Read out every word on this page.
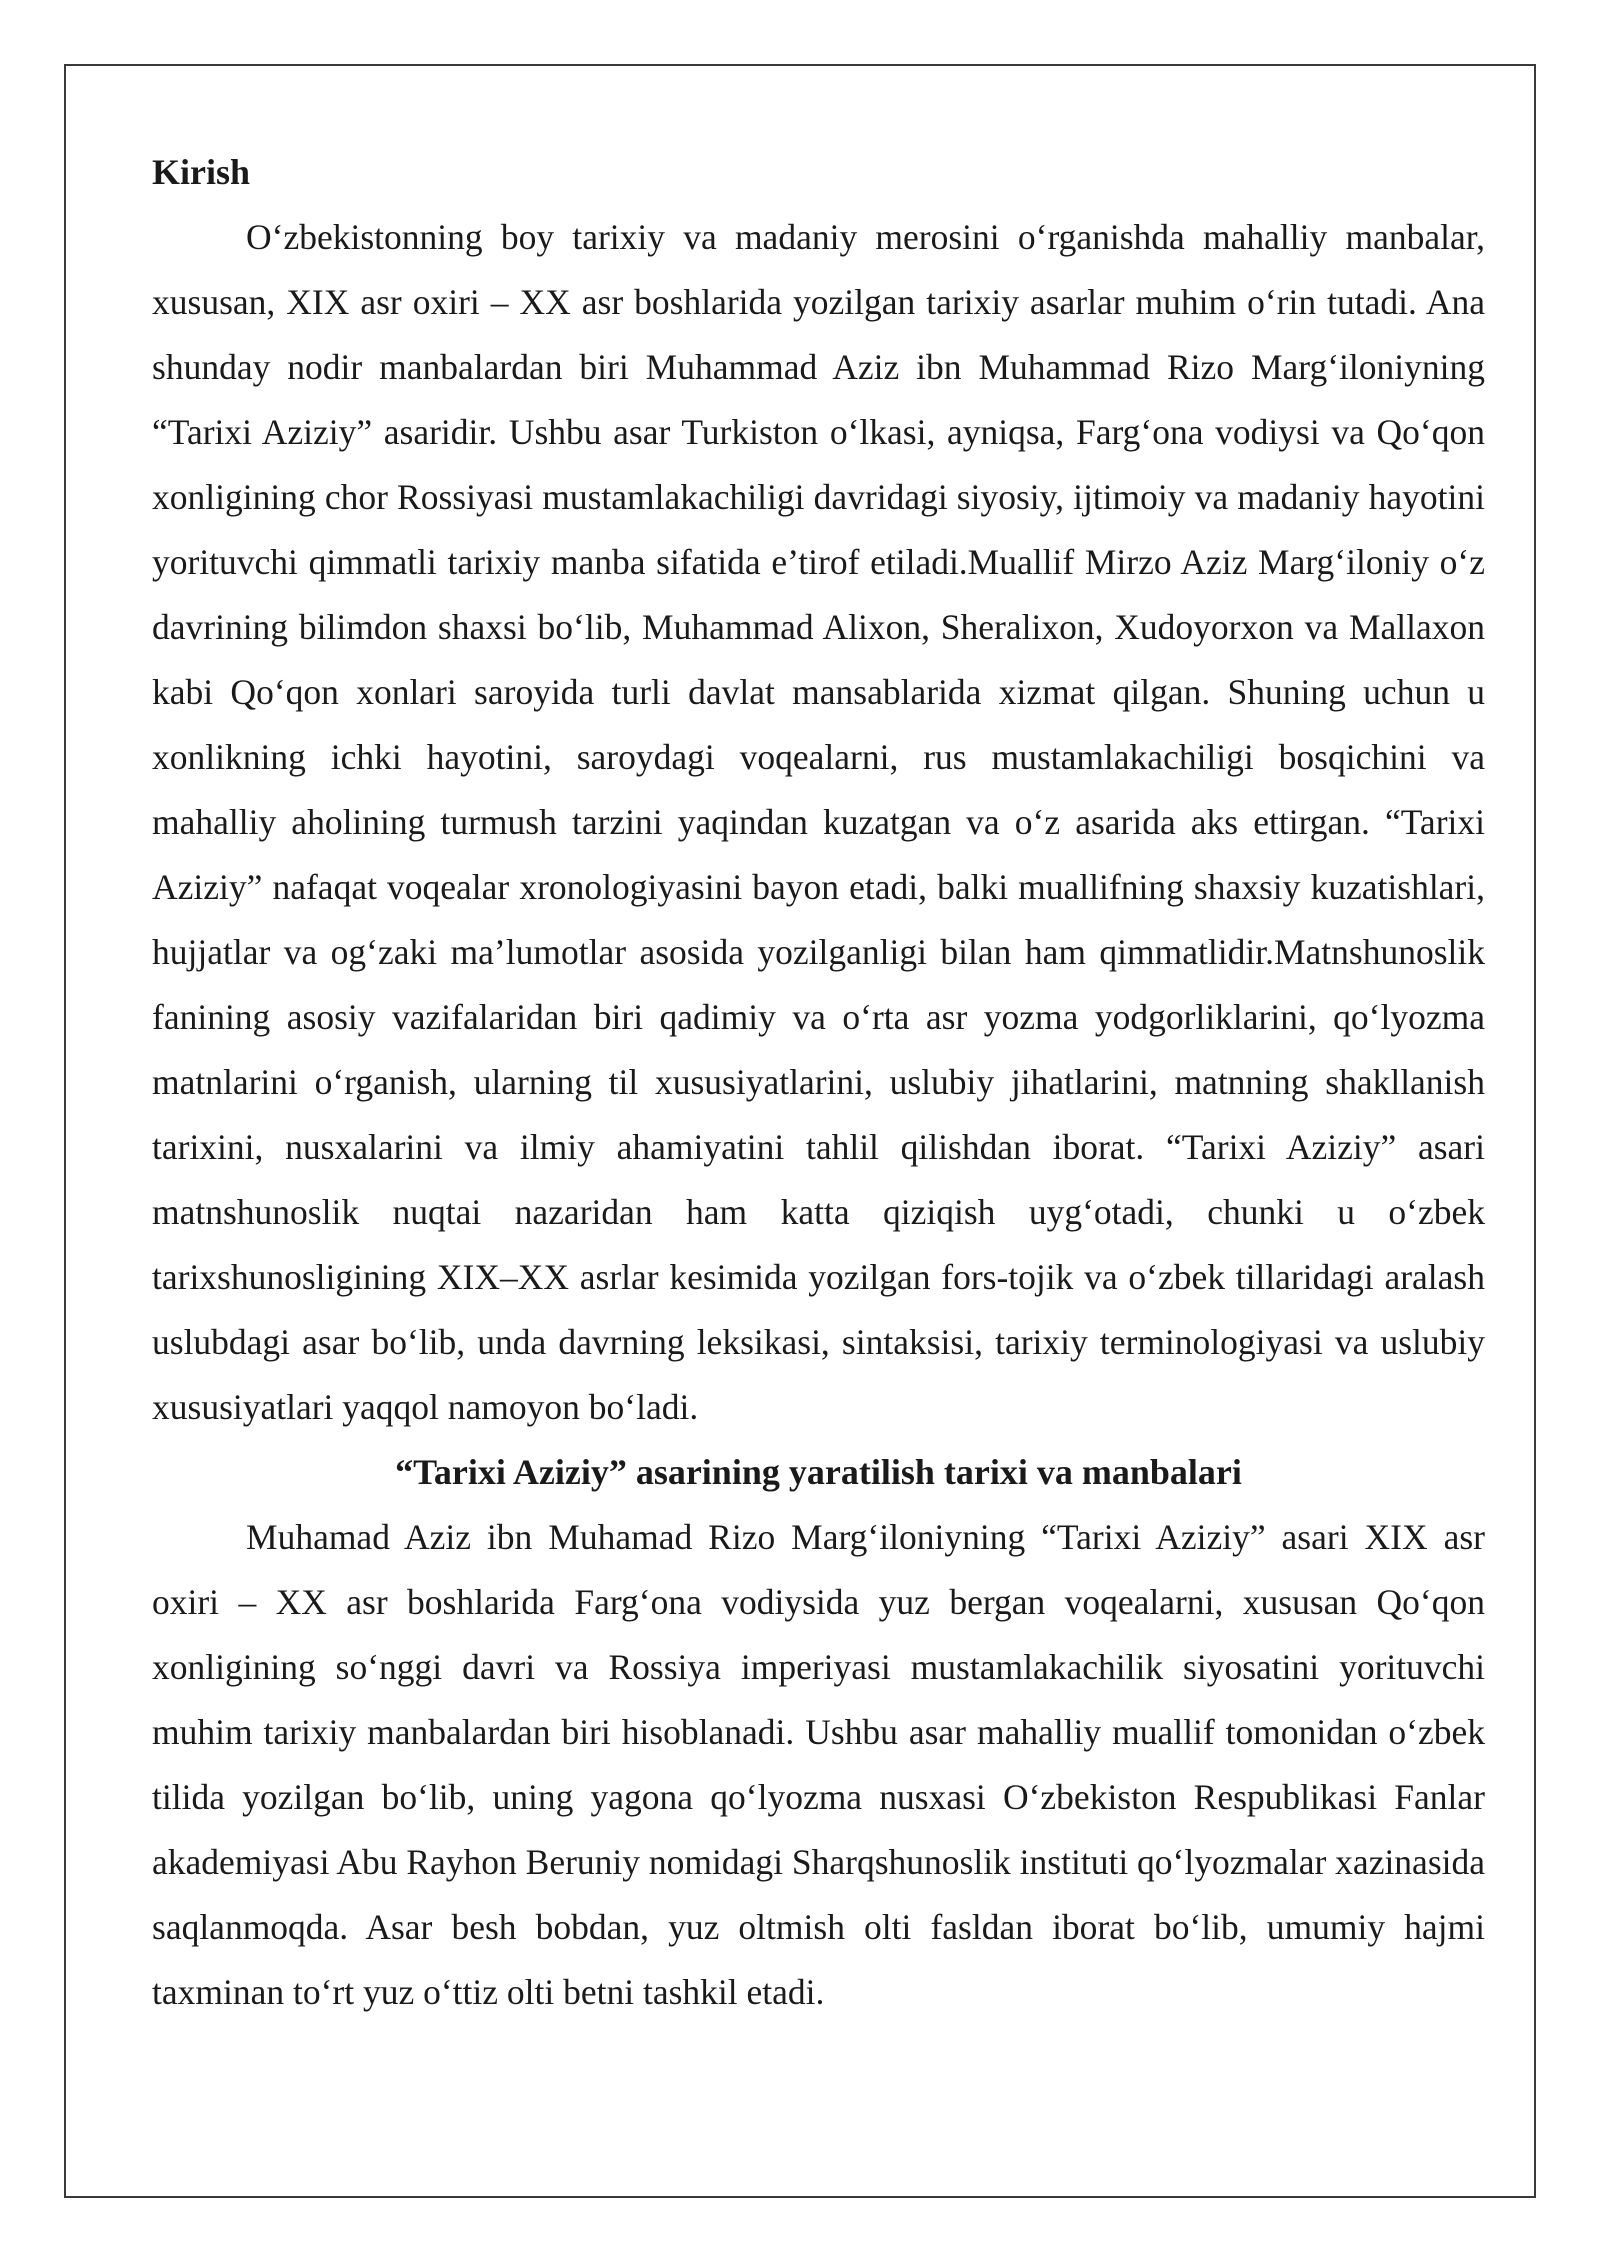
Kirish

O‘zbekistonning boy tarixiy va madaniy merosini o‘rganishda mahalliy manbalar, xususan, XIX asr oxiri – XX asr boshlarida yozilgan tarixiy asarlar muhim o‘rin tutadi. Ana shunday nodir manbalardan biri Muhammad Aziz ibn Muhammad Rizo Marg‘iloniyning “Tarixi Aziziy” asaridir. Ushbu asar Turkiston o‘lkasi, ayniqsa, Farg‘ona vodiysi va Qo‘qon xonligining chor Rossiyasi mustamlakachiligi davridagi siyosiy, ijtimoiy va madaniy hayotini yorituvchi qimmatli tarixiy manba sifatida e’tirof etiladi.Muallif Mirzo Aziz Marg‘iloniy o‘z davrining bilimdon shaxsi bo‘lib, Muhammad Alixon, Sheralixon, Xudoyorxon va Mallaxon kabi Qo‘qon xonlari saroyida turli davlat mansablarida xizmat qilgan. Shuning uchun u xonlikning ichki hayotini, saroydagi voqealarni, rus mustamlakachiligi bosqichini va mahalliy aholining turmush tarzini yaqindan kuzatgan va o‘z asarida aks ettirgan. “Tarixi Aziziy” nafaqat voqealar xronologiyasini bayon etadi, balki muallifning shaxsiy kuzatishlari, hujjatlar va og‘zaki ma’lumotlar asosida yozilganligi bilan ham qimmatlidir.Matnshunoslik fanining asosiy vazifalaridan biri qadimiy va o‘rta asr yozma yodgorliklarini, qo‘lyozma matnlarini o‘rganish, ularning til xususiyatlarini, uslubiy jihatlarini, matnning shakllanish tarixini, nusxalarini va ilmiy ahamiyatini tahlil qilishdan iborat. “Tarixi Aziziy” asari matnshunoslik nuqtai nazaridan ham katta qiziqish uyg‘otadi, chunki u o‘zbek tarixshunosligining XIX–XX asrlar kesimida yozilgan fors-tojik va o‘zbek tillaridagi aralash uslubdagi asar bo‘lib, unda davrning leksikasi, sintaksisi, tarixiy terminologiyasi va uslubiy xususiyatlari yaqqol namoyon bo‘ladi.

“Tarixi Aziziy” asarining yaratilish tarixi va manbalari

Muhamad Aziz ibn Muhamad Rizo Marg‘iloniyning “Tarixi Aziziy” asari XIX asr oxiri – XX asr boshlarida Farg‘ona vodiysida yuz bergan voqealarni, xususan Qo‘qon xonligining so‘nggi davri va Rossiya imperiyasi mustamlakachilik siyosatini yorituvchi muhim tarixiy manbalardan biri hisoblanadi. Ushbu asar mahalliy muallif tomonidan o‘zbek tilida yozilgan bo‘lib, uning yagona qo‘lyozma nusxasi O‘zbekiston Respublikasi Fanlar akademiyasi Abu Rayhon Beruniy nomidagi Sharqshunoslik instituti qo‘lyozmalar xazinasida saqlanmoqda. Asar besh bobdan, yuz oltmish olti fasldan iborat bo‘lib, umumiy hajmi taxminan to‘rt yuz o‘ttiz olti betni tashkil etadi.
